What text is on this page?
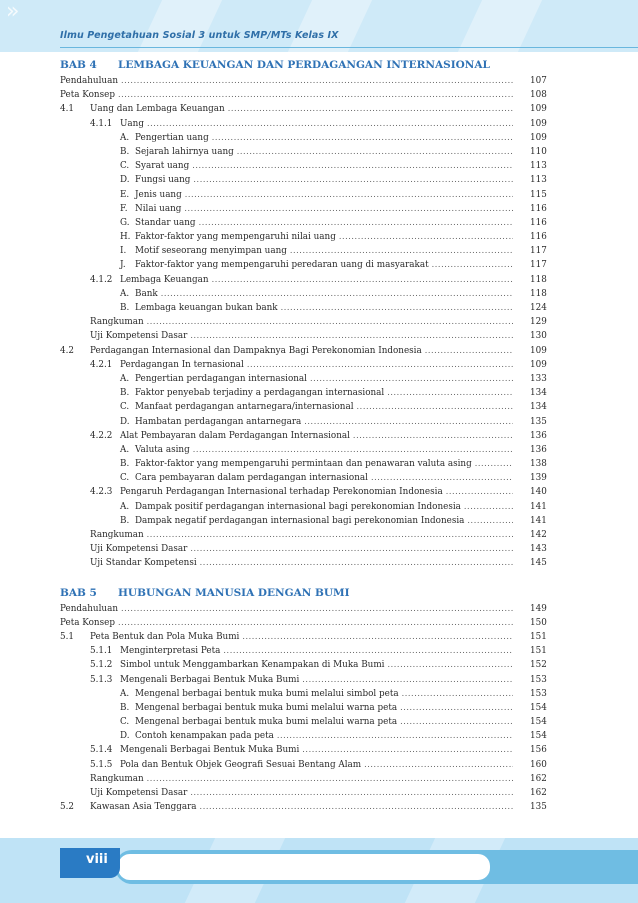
»
Ilmu Pengetahuan Sosial 3 untuk SMP/MTs Kelas IX
BAB 4 LEMBAGA KEUANGAN DAN PERDAGANGAN INTERNASIONAL
Pendahuluan .....	107
Peta Konsep .....	108
4.1	Uang dan Lembaga Keuangan .....	109
4.1.1 Uang .....	109
A. Pengertian uang .....	109
B. Sejarah lahirnya uang .....	110
C. Syarat uang .....	113
D. Fungsi uang .....	113
E. Jenis uang .....	115
F. Nilai uang .....	116
G. Standar uang .....	116
H. Faktor-faktor yang mempengaruhi nilai uang .....	116
I. Motif seseorang menyimpan uang .....	117
J.	Faktor-faktor yang mempengaruhi peredaran uang di masyarakat .....	117
4.1.2 Lembaga Keuangan .....	118
A. Bank .....	118
B. Lembaga keuangan bukan bank .....	124
Rangkuman .....	129
Uji Kompetensi Dasar .....	130
4.2	Perdagangan Internasional dan Dampaknya Bagi Perekonomian Indonesia .....	109
4.2.1 Perdagangan In ternasional .....	109
A. Pengertian perdagangan internasional .....	133
B. Faktor penyebab terjadiny a perdagangan internasional .....	134
C. Manfaat perdagangan antarnegara/internasional .....	134
D. Hambatan perdagangan antarnegara .....	135
4.2.2 Alat Pembayaran dalam Perdagangan Internasional .....	136
A. Valuta asing .....	136
B. Faktor-faktor yang mempengaruhi permintaan dan penawaran valuta asing .....	138
C. Cara pembayaran dalam perdagangan internasional .....	139
4.2.3 Pengaruh Perdagangan Internasional terhadap Perekonomian Indonesia .....	140
A. Dampak positif perdagangan internasional bagi perekonomian Indonesia .....	141
B. Dampak negatif perdagangan internasional bagi perekonomian Indonesia .....	141
Rangkuman .....	142
Uji Kompetensi Dasar .....	143
Uji Standar Kompetensi .....	145
BAB 5 HUBUNGAN MANUSIA DENGAN BUMI
Pendahuluan .....	149
Peta Konsep .....	150
5.1	Peta Bentuk dan Pola Muka Bumi .....	151
5.1.1 Menginterpretasi Peta .....	151
5.1.2 Simbol untuk Menggambarkan Kenampakan di Muka Bumi .....	152
5.1.3 Mengenali Berbagai Bentuk Muka Bumi .....	153
A. Mengenal berbagai bentuk muka bumi melalui simbol peta .....	153
B. Mengenal berbagai bentuk muka bumi melalui warna peta .....	154
C. Mengenal berbagai bentuk muka bumi melalui warna peta .....	154
D. Contoh kenampakan pada peta .....	154
5.1.4 Mengenali Berbagai Bentuk Muka Bumi .....	156
5.1.5 Pola dan Bentuk Objek Geografi Sesuai Bentang Alam .....	160
Rangkuman .....	162
Uji Kompetensi Dasar .....	162
5.2	Kawasan Asia Tenggara .....	135
viii
